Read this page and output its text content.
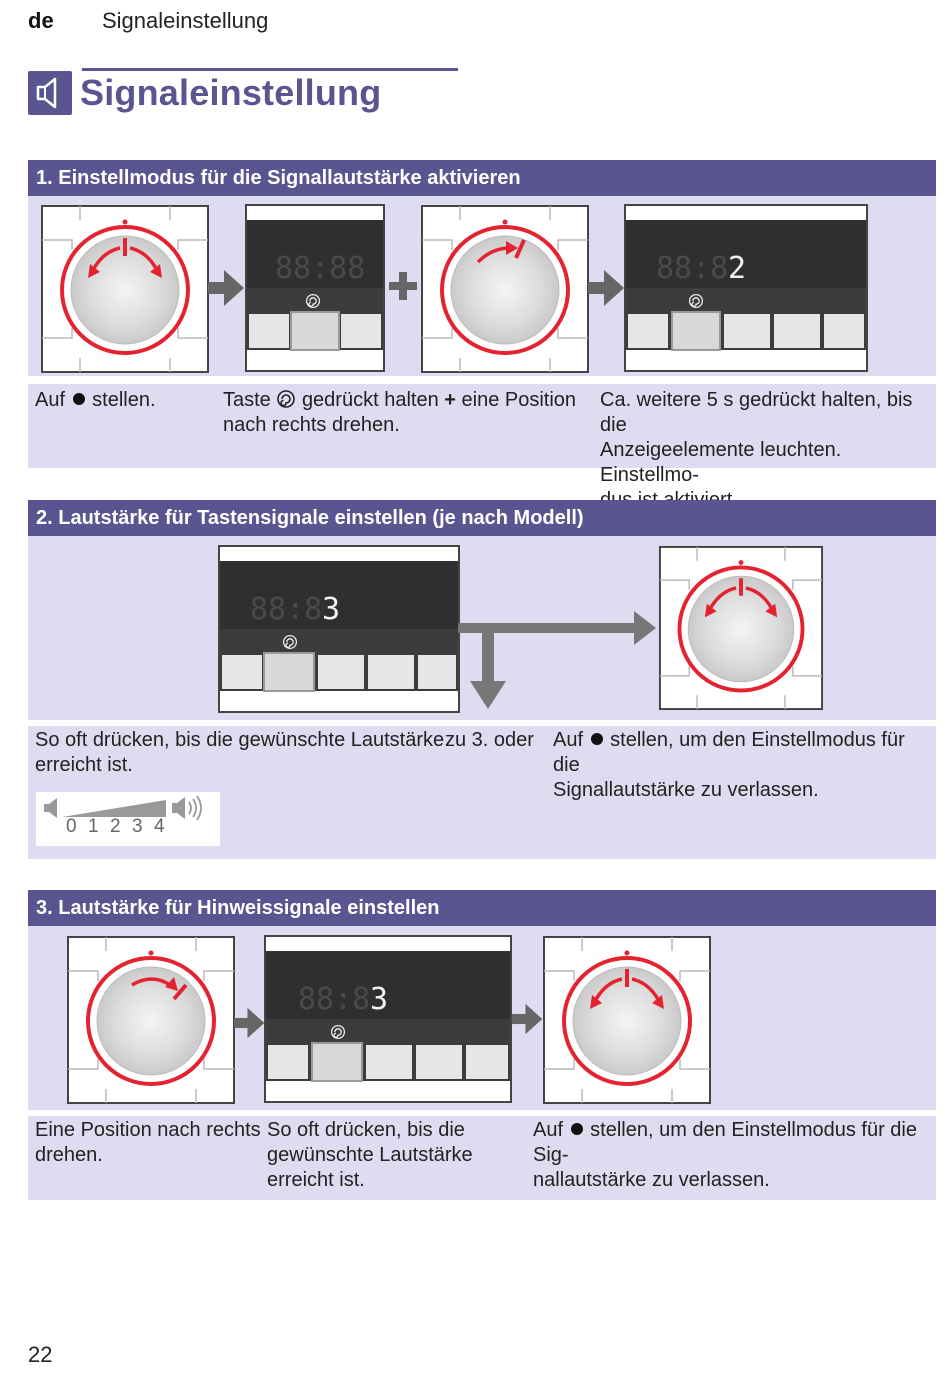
de Signaleinstellung
Signaleinstellung
1. Einstellmodus für die Signallautstärke aktivieren
88:88	88:8 2
Auf stellen.	Taste gedrückt halten + eine Position
nach rechts drehen.
Ca. weitere 5 s gedrückt halten, bis die
Anzeigeelemente leuchten. Einstellmo-

2. Lautstärke für Tastensignale einstellen (je nach Modell)
88:8 3
So oft drücken, bis die gewünschte Lautstärke
erreicht ist.
zu 3. oder Auf stellen, um den Einstellmodus für die
Signallautstärke zu verlassen.
0 1 2 3 4
3. Lautstärke für Hinweissignale einstellen
88:8 3
Eine Position nach rechts
drehen.
So oft drücken, bis die
gewünschte Lautstärke
erreicht ist.
Auf stellen, um den Einstellmodus für die Sig-
nallautstärke zu verlassen.
22
